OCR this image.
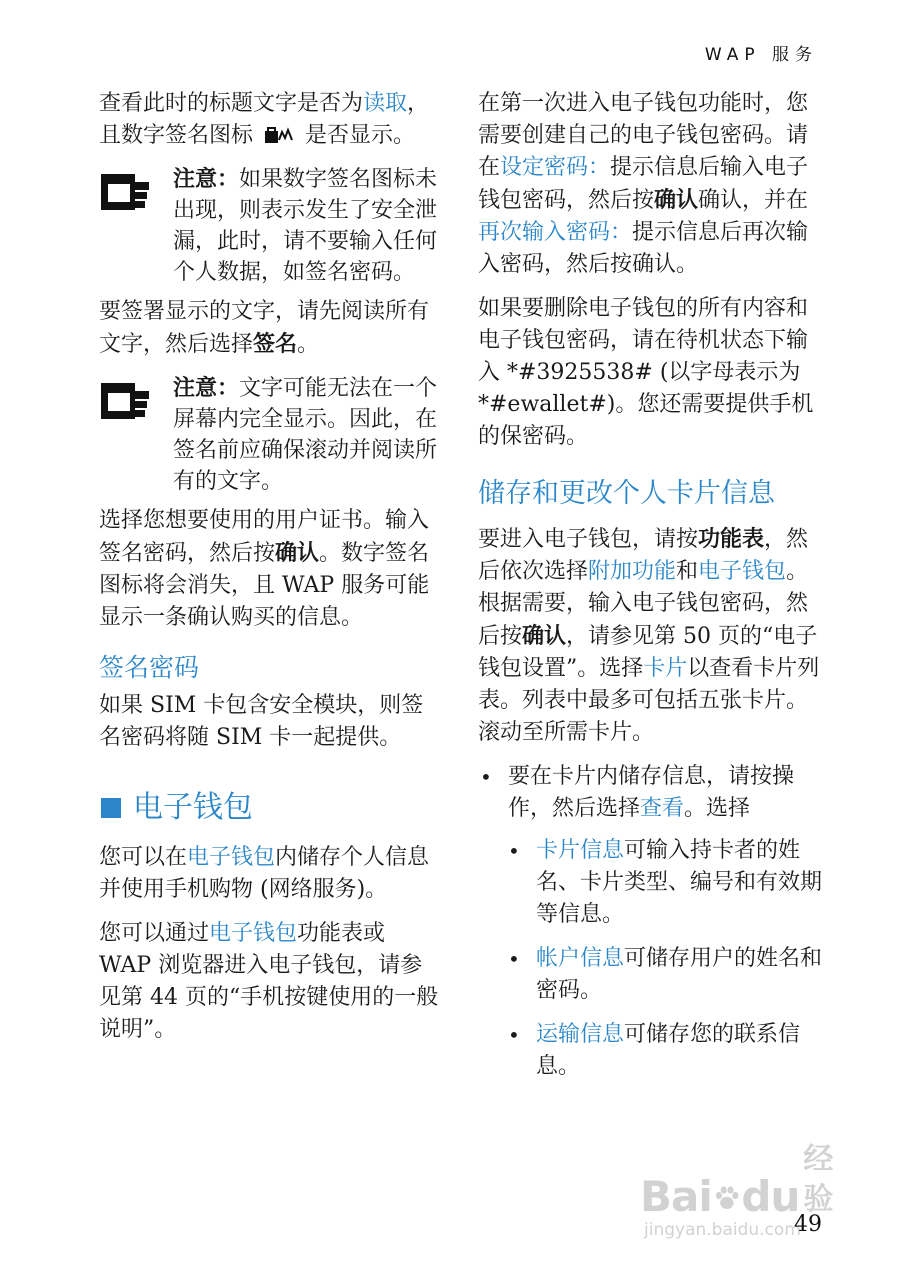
WAP 服务

查看此时的标题文字是否为读取，且数字签名图标 是否显示。

注意：如果数字签名图标未出现，则表示发生了安全泄漏，此时，请不要输入任何个人数据，如签名密码。

要签署显示的文字，请先阅读所有文字，然后选择签名。

注意：文字可能无法在一个屏幕内完全显示。因此，在签名前应确保滚动并阅读所有的文字。

选择您想要使用的用户证书。输入签名密码，然后按确认。数字签名图标将会消失，且 WAP 服务可能显示一条确认购买的信息。

签名密码

如果 SIM 卡包含安全模块，则签名密码将随 SIM 卡一起提供。

电子钱包

您可以在电子钱包内储存个人信息并使用手机购物 (网络服务)。

您可以通过电子钱包功能表或 WAP 浏览器进入电子钱包，请参见第 44 页的“手机按键使用的一般说明”。

在第一次进入电子钱包功能时，您需要创建自己的电子钱包密码。请在设定密码：提示信息后输入电子钱包密码，然后按确认确认，并在再次输入密码：提示信息后再次输入密码，然后按确认。

如果要删除电子钱包的所有内容和电子钱包密码，请在待机状态下输入 *#3925538# (以字母表示为 *#ewallet#)。您还需要提供手机的保密码。

储存和更改个人卡片信息

要进入电子钱包，请按功能表，然后依次选择附加功能和电子钱包。根据需要，输入电子钱包密码，然后按确认，请参见第 50 页的“电子钱包设置”。选择卡片以查看卡片列表。列表中最多可包括五张卡片。滚动至所需卡片。

• 要在卡片内储存信息，请按操作，然后选择查看。选择
• 卡片信息可输入持卡者的姓名、卡片类型、编号和有效期等信息。
• 帐户信息可储存用户的姓名和密码。
• 运输信息可储存您的联系信息。
Bai du
经验
jingyan.baidu.com
49
